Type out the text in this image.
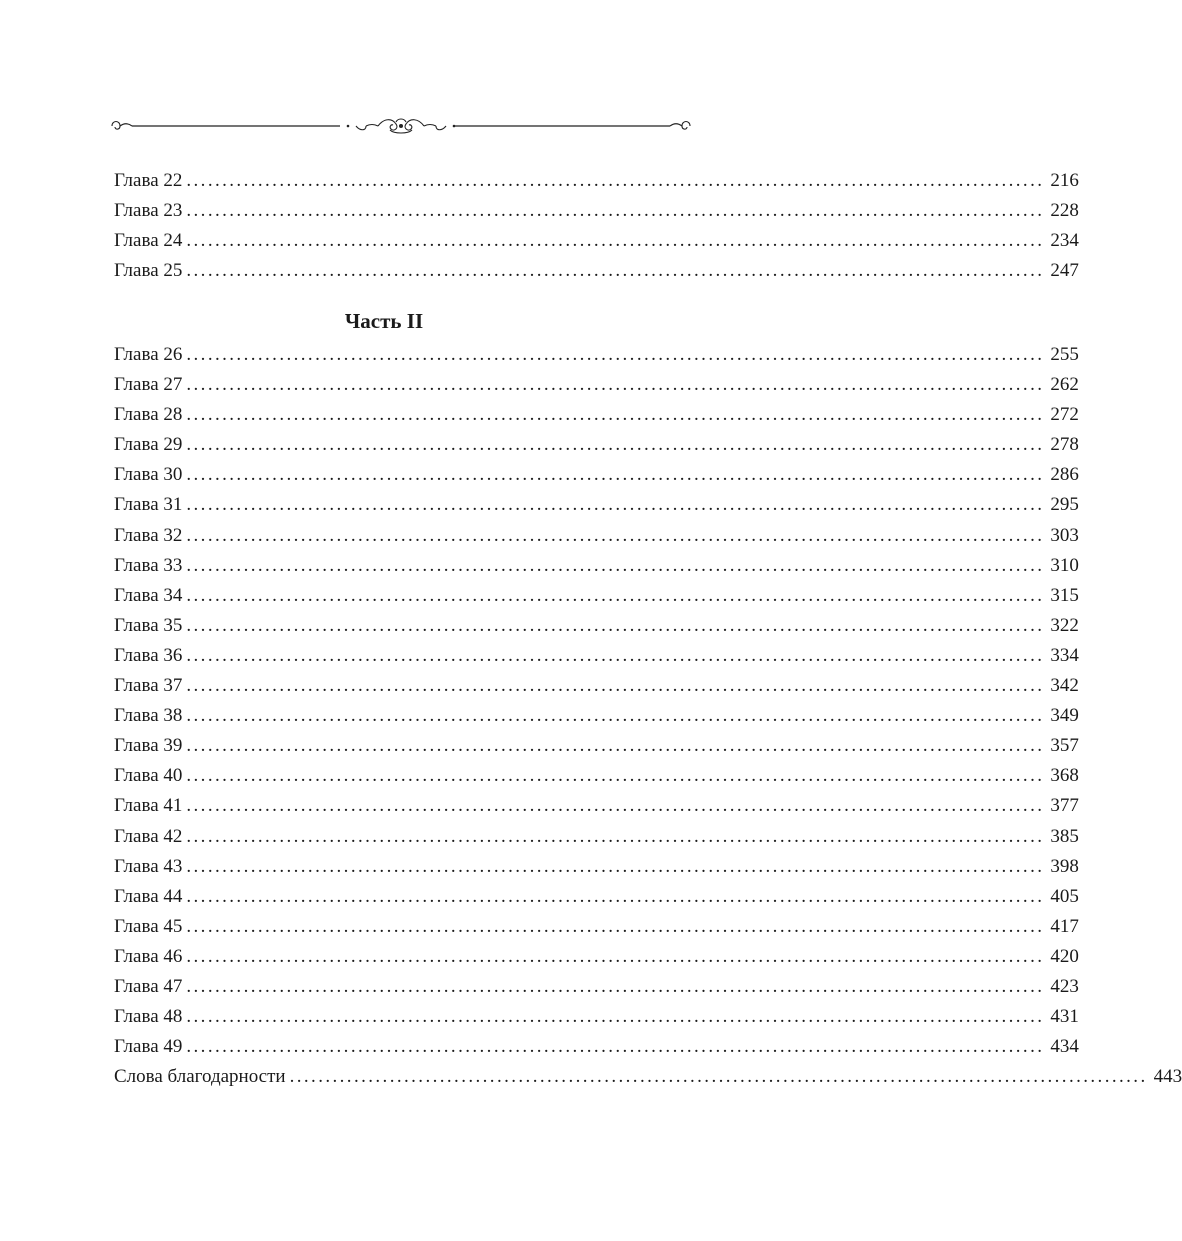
Глава 22 ........................................................................................................................ 216
Глава 23 ........................................................................................................................ 228
Глава 24 ........................................................................................................................ 234
Глава 25 ........................................................................................................................ 247
Часть II
Глава 26 ........................................................................................................................ 255
Глава 27 ........................................................................................................................ 262
Глава 28 ........................................................................................................................ 272
Глава 29 ........................................................................................................................ 278
Глава 30 ........................................................................................................................ 286
Глава 31 ........................................................................................................................ 295
Глава 32 ........................................................................................................................ 303
Глава 33 ........................................................................................................................ 310
Глава 34 ........................................................................................................................ 315
Глава 35 ........................................................................................................................ 322
Глава 36 ........................................................................................................................ 334
Глава 37 ........................................................................................................................ 342
Глава 38 ........................................................................................................................ 349
Глава 39 ........................................................................................................................ 357
Глава 40 ........................................................................................................................ 368
Глава 41 ........................................................................................................................ 377
Глава 42 ........................................................................................................................ 385
Глава 43 ........................................................................................................................ 398
Глава 44 ........................................................................................................................ 405
Глава 45 ........................................................................................................................ 417
Глава 46 ........................................................................................................................ 420
Глава 47 ........................................................................................................................ 423
Глава 48 ........................................................................................................................ 431
Глава 49 ........................................................................................................................ 434
Слова благодарности ........................................................................................................................ 443
